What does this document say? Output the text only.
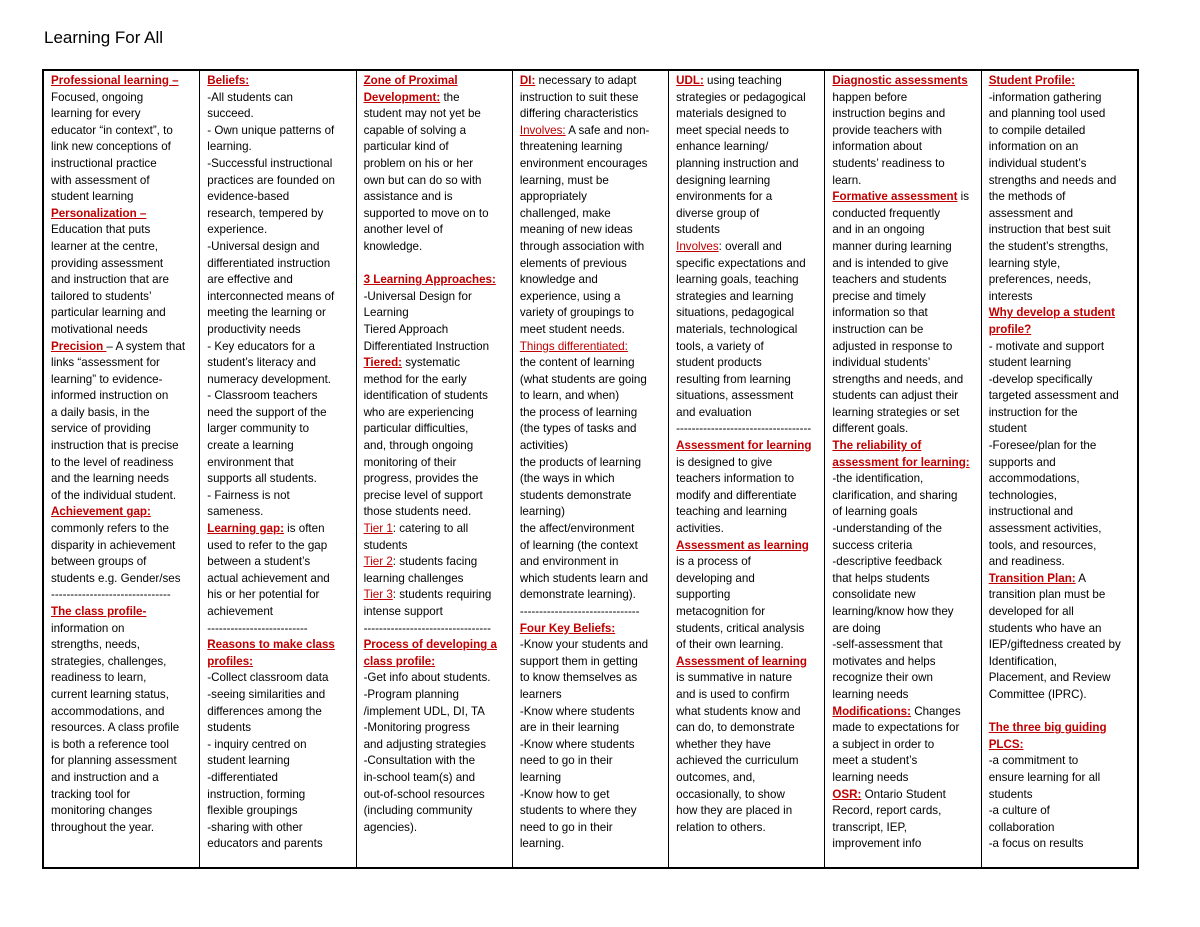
Learning For All
Professional learning –
Focused, ongoing
learning for every
educator “in context”, to
link new conceptions of
instructional practice
with assessment of
student learning
Personalization –
Education that puts
learner at the centre,
providing assessment
and instruction that are
tailored to students’
particular learning and
motivational needs
Precision – A system that
links “assessment for
learning” to evidence-
informed instruction on
a daily basis, in the
service of providing
instruction that is precise
to the level of readiness
and the learning needs
of the individual student.
Achievement gap:
commonly refers to the
disparity in achievement
between groups of
students e.g. Gender/ses
-------------------------------
The class profile-
information on
strengths, needs,
strategies, challenges,
readiness to learn,
current learning status,
accommodations, and
resources. A class profile
is both a reference tool
for planning assessment
and instruction and a
tracking tool for
monitoring changes
throughout the year.
Beliefs:
-All students can
succeed.
- Own unique patterns of
learning.
-Successful instructional
practices are founded on
evidence-based
research, tempered by
experience.
-Universal design and
differentiated instruction
are effective and
interconnected means of
meeting the learning or
productivity needs
- Key educators for a
student’s literacy and
numeracy development.
- Classroom teachers
need the support of the
larger community to
create a learning
environment that
supports all students.
- Fairness is not
sameness.
Learning gap: is often
used to refer to the gap
between a student’s
actual achievement and
his or her potential for
achievement
--------------------------
Reasons to make class
profiles:
-Collect classroom data
-seeing similarities and
differences among the
students
- inquiry centred on
student learning
-differentiated
instruction, forming
flexible groupings
-sharing with other
educators and parents
Zone of Proximal
Development: the
student may not yet be
capable of solving a
particular kind of
problem on his or her
own but can do so with
assistance and is
supported to move on to
another level of
knowledge.
3 Learning Approaches:
-Universal Design for
Learning
Tiered Approach
Differentiated Instruction
Tiered: systematic
method for the early
identification of students
who are experiencing
particular difficulties,
and, through ongoing
monitoring of their
progress, provides the
precise level of support
those students need.
Tier 1: catering to all
students
Tier 2: students facing
learning challenges
Tier 3: students requiring
intense support
---------------------------------
Process of developing a
class profile:
-Get info about students.
-Program planning
/implement UDL, DI, TA
-Monitoring progress
and adjusting strategies
-Consultation with the
in-school team(s) and
out-of-school resources
(including community
agencies).
DI: necessary to adapt
instruction to suit these
differing characteristics
Involves: A safe and non-
threatening learning
environment encourages
learning, must be
appropriately
challenged, make
meaning of new ideas
through association with
elements of previous
knowledge and
experience, using a
variety of groupings to
meet student needs.
Things differentiated:
the content of learning
(what students are going
to learn, and when)
the process of learning
(the types of tasks and
activities)
the products of learning
(the ways in which
students demonstrate
learning)
the affect/environment
of learning (the context
and environment in
which students learn and
demonstrate learning).
-------------------------------
Four Key Beliefs:
-Know your students and
support them in getting
to know themselves as
learners
-Know where students
are in their learning
-Know where students
need to go in their
learning
-Know how to get
students to where they
need to go in their
learning.
UDL: using teaching
strategies or pedagogical
materials designed to
meet special needs to
enhance learning/
planning instruction and
designing learning
environments for a
diverse group of
students
Involves: overall and
specific expectations and
learning goals, teaching
strategies and learning
situations, pedagogical
materials, technological
tools, a variety of
student products
resulting from learning
situations, assessment
and evaluation
-----------------------------------
Assessment for learning
is designed to give
teachers information to
modify and differentiate
teaching and learning
activities.
Assessment as learning
is a process of
developing and
supporting
metacognition for
students, critical analysis
of their own learning.
Assessment of learning
is summative in nature
and is used to confirm
what students know and
can do, to demonstrate
whether they have
achieved the curriculum
outcomes, and,
occasionally, to show
how they are placed in
relation to others.
Diagnostic assessments
happen before
instruction begins and
provide teachers with
information about
students’ readiness to
learn.
Formative assessment is
conducted frequently
and in an ongoing
manner during learning
and is intended to give
teachers and students
precise and timely
information so that
instruction can be
adjusted in response to
individual students’
strengths and needs, and
students can adjust their
learning strategies or set
different goals.
The reliability of
assessment for learning:
-the identification,
clarification, and sharing
of learning goals
-understanding of the
success criteria
-descriptive feedback
that helps students
consolidate new
learning/know how they
are doing
-self-assessment that
motivates and helps
recognize their own
learning needs
Modifications: Changes
made to expectations for
a subject in order to
meet a student’s
learning needs
OSR: Ontario Student
Record, report cards,
transcript, IEP,
improvement info
Student Profile:
-information gathering
and planning tool used
to compile detailed
information on an
individual student’s
strengths and needs and
the methods of
assessment and
instruction that best suit
the student’s strengths,
learning style,
preferences, needs,
interests
Why develop a student
profile?
- motivate and support
student learning
-develop specifically
targeted assessment and
instruction for the
student
-Foresee/plan for the
supports and
accommodations,
technologies,
instructional and
assessment activities,
tools, and resources,
and readiness.
Transition Plan: A
transition plan must be
developed for all
students who have an
IEP/giftedness created by
Identification,
Placement, and Review
Committee (IPRC).
The three big guiding
PLCS:
-a commitment to
ensure learning for all
students
-a culture of
collaboration
-a focus on results
